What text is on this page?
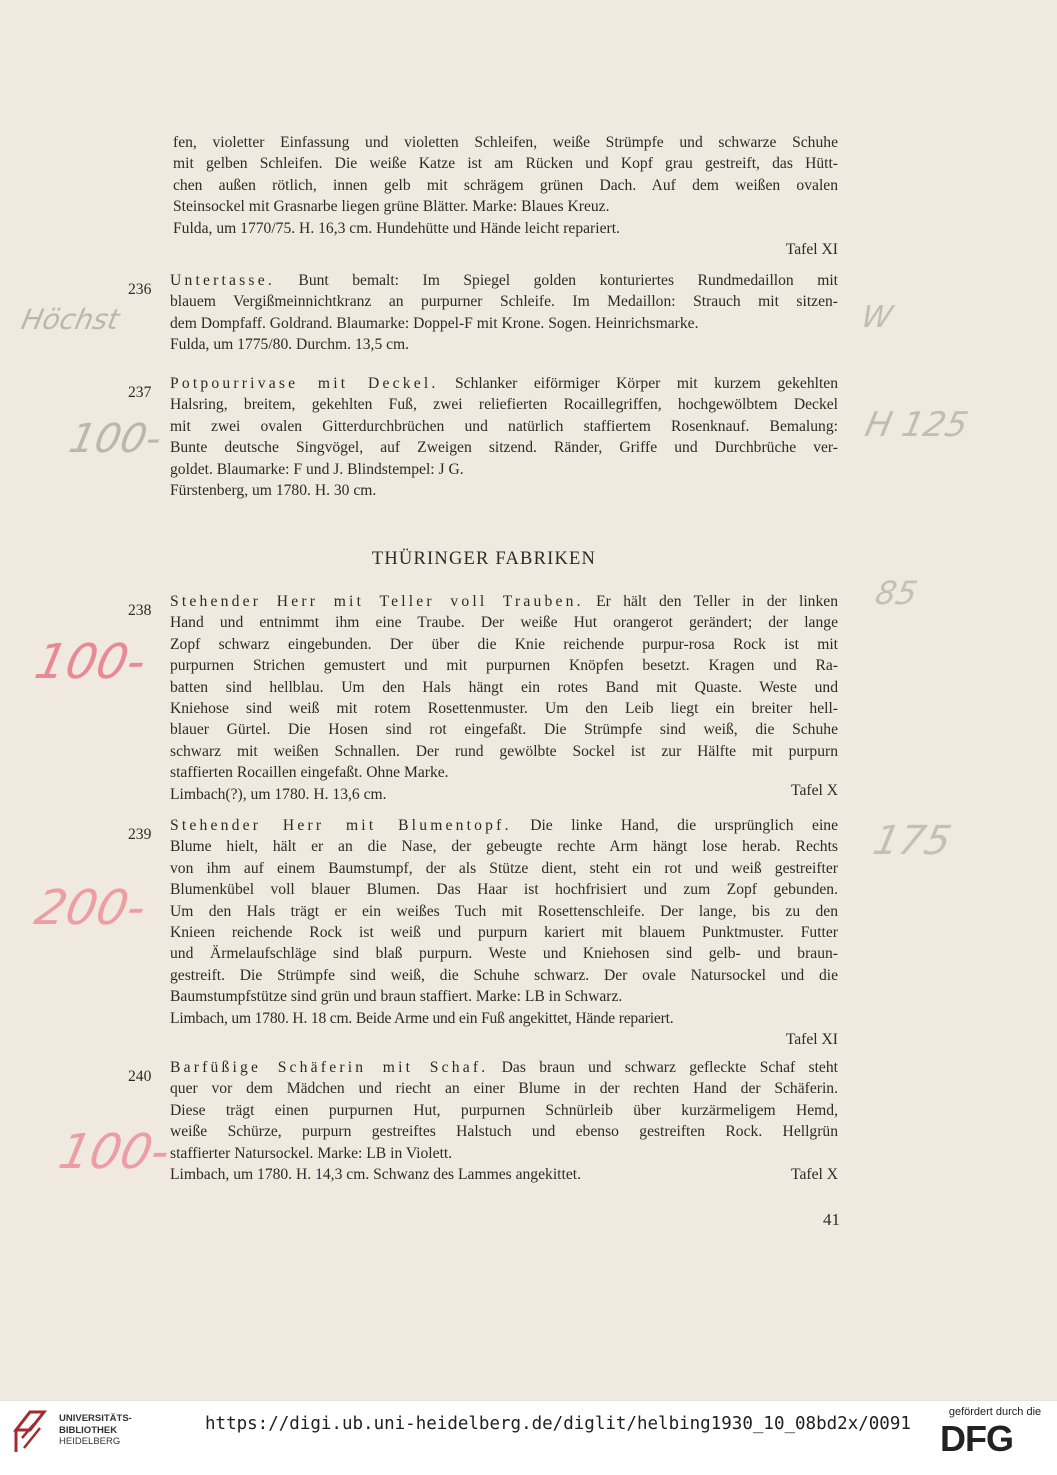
fen, violetter Einfassung und violetten Schleifen, weiße Strümpfe und schwarze Schuhe
mit gelben Schleifen. Die weiße Katze ist am Rücken und Kopf grau gestreift, das Hütt-
chen außen rötlich, innen gelb mit schrägem grünen Dach. Auf dem weißen ovalen
Steinsockel mit Grasnarbe liegen grüne Blätter. Marke: Blaues Kreuz.
Fulda, um 1770/75. H. 16,3 cm. Hundehütte und Hände leicht repariert.
Tafel XI
236
Untertasse. Bunt bemalt: Im Spiegel golden konturiertes Rundmedaillon mit
blauem Vergißmeinnichtkranz an purpurner Schleife. Im Medaillon: Strauch mit sitzen-
dem Dompfaff. Goldrand. Blaumarke: Doppel-F mit Krone. Sogen. Heinrichsmarke.
Fulda, um 1775/80. Durchm. 13,5 cm.
237
Potpourrivase mit Deckel. Schlanker eiförmiger Körper mit kurzem gekehlten
Halsring, breitem, gekehlten Fuß, zwei reliefierten Rocaillegriffen, hochgewölbtem Deckel
mit zwei ovalen Gitterdurchbrüchen und natürlich staffiertem Rosenknauf. Bemalung:
Bunte deutsche Singvögel, auf Zweigen sitzend. Ränder, Griffe und Durchbrüche ver-
goldet. Blaumarke: F und J. Blindstempel: J G.
Fürstenberg, um 1780. H. 30 cm.
THÜRINGER FABRIKEN
238
Stehender Herr mit Teller voll Trauben. Er hält den Teller in der linken
Hand und entnimmt ihm eine Traube. Der weiße Hut orangerot gerändert; der lange
Zopf schwarz eingebunden. Der über die Knie reichende purpur-rosa Rock ist mit
purpurnen Strichen gemustert und mit purpurnen Knöpfen besetzt. Kragen und Ra-
batten sind hellblau. Um den Hals hängt ein rotes Band mit Quaste. Weste und
Kniehose sind weiß mit rotem Rosettenmuster. Um den Leib liegt ein breiter hell-
blauer Gürtel. Die Hosen sind rot eingefaßt. Die Strümpfe sind weiß, die Schuhe
schwarz mit weißen Schnallen. Der rund gewölbte Sockel ist zur Hälfte mit purpurn
staffierten Rocaillen eingefaßt. Ohne Marke.
Limbach(?), um 1780. H. 13,6 cm.	Tafel X
239
Stehender Herr mit Blumentopf. Die linke Hand, die ursprünglich eine
Blume hielt, hält er an die Nase, der gebeugte rechte Arm hängt lose herab. Rechts
von ihm auf einem Baumstumpf, der als Stütze dient, steht ein rot und weiß gestreifter
Blumenkübel voll blauer Blumen. Das Haar ist hochfrisiert und zum Zopf gebunden.
Um den Hals trägt er ein weißes Tuch mit Rosettenschleife. Der lange, bis zu den
Knieen reichende Rock ist weiß und purpurn kariert mit blauem Punktmuster. Futter
und Ärmelaufschläge sind blaß purpurn. Weste und Kniehosen sind gelb- und braun-
gestreift. Die Strümpfe sind weiß, die Schuhe schwarz. Der ovale Natursockel und die
Baumstumpfstütze sind grün und braun staffiert. Marke: LB in Schwarz.
Limbach, um 1780. H. 18 cm. Beide Arme und ein Fuß angekittet, Hände repariert.
Tafel XI
240
Barfüßige Schäferin mit Schaf. Das braun und schwarz gefleckte Schaf steht
quer vor dem Mädchen und riecht an einer Blume in der rechten Hand der Schäferin.
Diese trägt einen purpurnen Hut, purpurnen Schnürleib über kurzärmeligem Hemd,
weiße Schürze, purpurn gestreiftes Halstuch und ebenso gestreiften Rock. Hellgrün
staffierter Natursockel. Marke: LB in Violett.
Limbach, um 1780. H. 14,3 cm. Schwanz des Lammes angekittet.	Tafel X
41
Höchst	W
100-	H 125
85
100-
200-
175
100-
UNIVERSITÄTS-
BIBLIOTHEK
HEIDELBERG
https://digi.ub.uni-heidelberg.de/diglit/helbing1930_10_08bd2x/0091
gefördert durch die
DFG
